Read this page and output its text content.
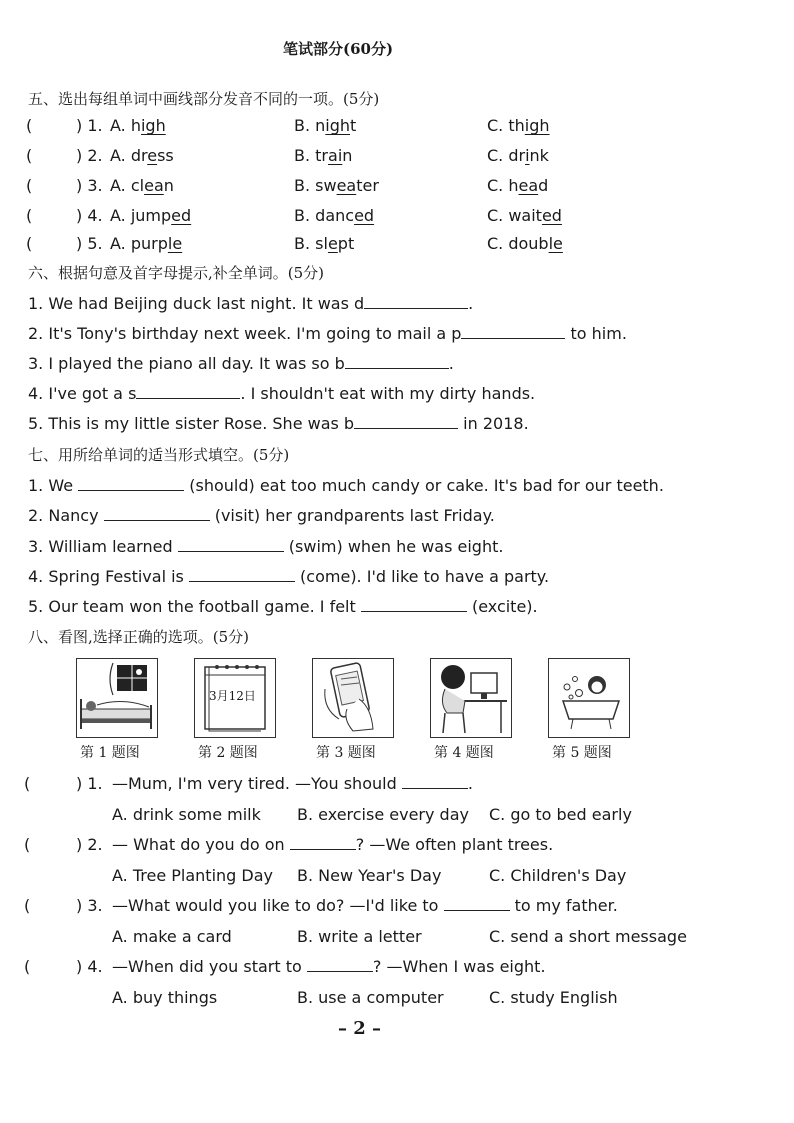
笔试部分(60分)
五、选出每组单词中画线部分发音不同的一项。(5分)
(	) 1. A. high	B. night	C. thigh
(	) 2. A. dress	B. train	C. drink
(	) 3. A. clean	B. sweater	C. head
(	) 4. A. jumped	B. danced	C. waited
(	) 5. A. purple	B. slept	C. double
六、根据句意及首字母提示,补全单词。(5分)
1. We had Beijing duck last night. It was d	.
2. It's Tony's birthday next week. I'm going to mail a p	to him.
3. I played the piano all day. It was so b	.
4. I've got a s	. I shouldn't eat with my dirty hands.
5. This is my little sister Rose. She was b	in 2018.
七、用所给单词的适当形式填空。(5分)
1. We	(should) eat too much candy or cake. It's bad for our teeth.
2. Nancy	(visit) her grandparents last Friday.
3. William learned	(swim) when he was eight.
4. Spring Festival is	(come). I'd like to have a party.
5. Our team won the football game. I felt	(excite).
八、看图,选择正确的选项。(5分)
3月12日
第 1 题图	第 2 题图	第 3 题图	第 4 题图	第 5 题图
(	) 1. —Mum, I'm very tired. —You should	.
A. drink some milk B. exercise every day C. go to bed early
(	) 2. — What do you do on	? —We often plant trees.
A. Tree Planting Day B. New Year's Day	C. Children's Day
(	) 3. —What would you like to do? —I'd like to	to my father.
A. make a card	B. write a letter	C. send a short message
(	) 4. —When did you start to	? —When I was eight.
A. buy things	B. use a computer	C. study English
– 2 –
